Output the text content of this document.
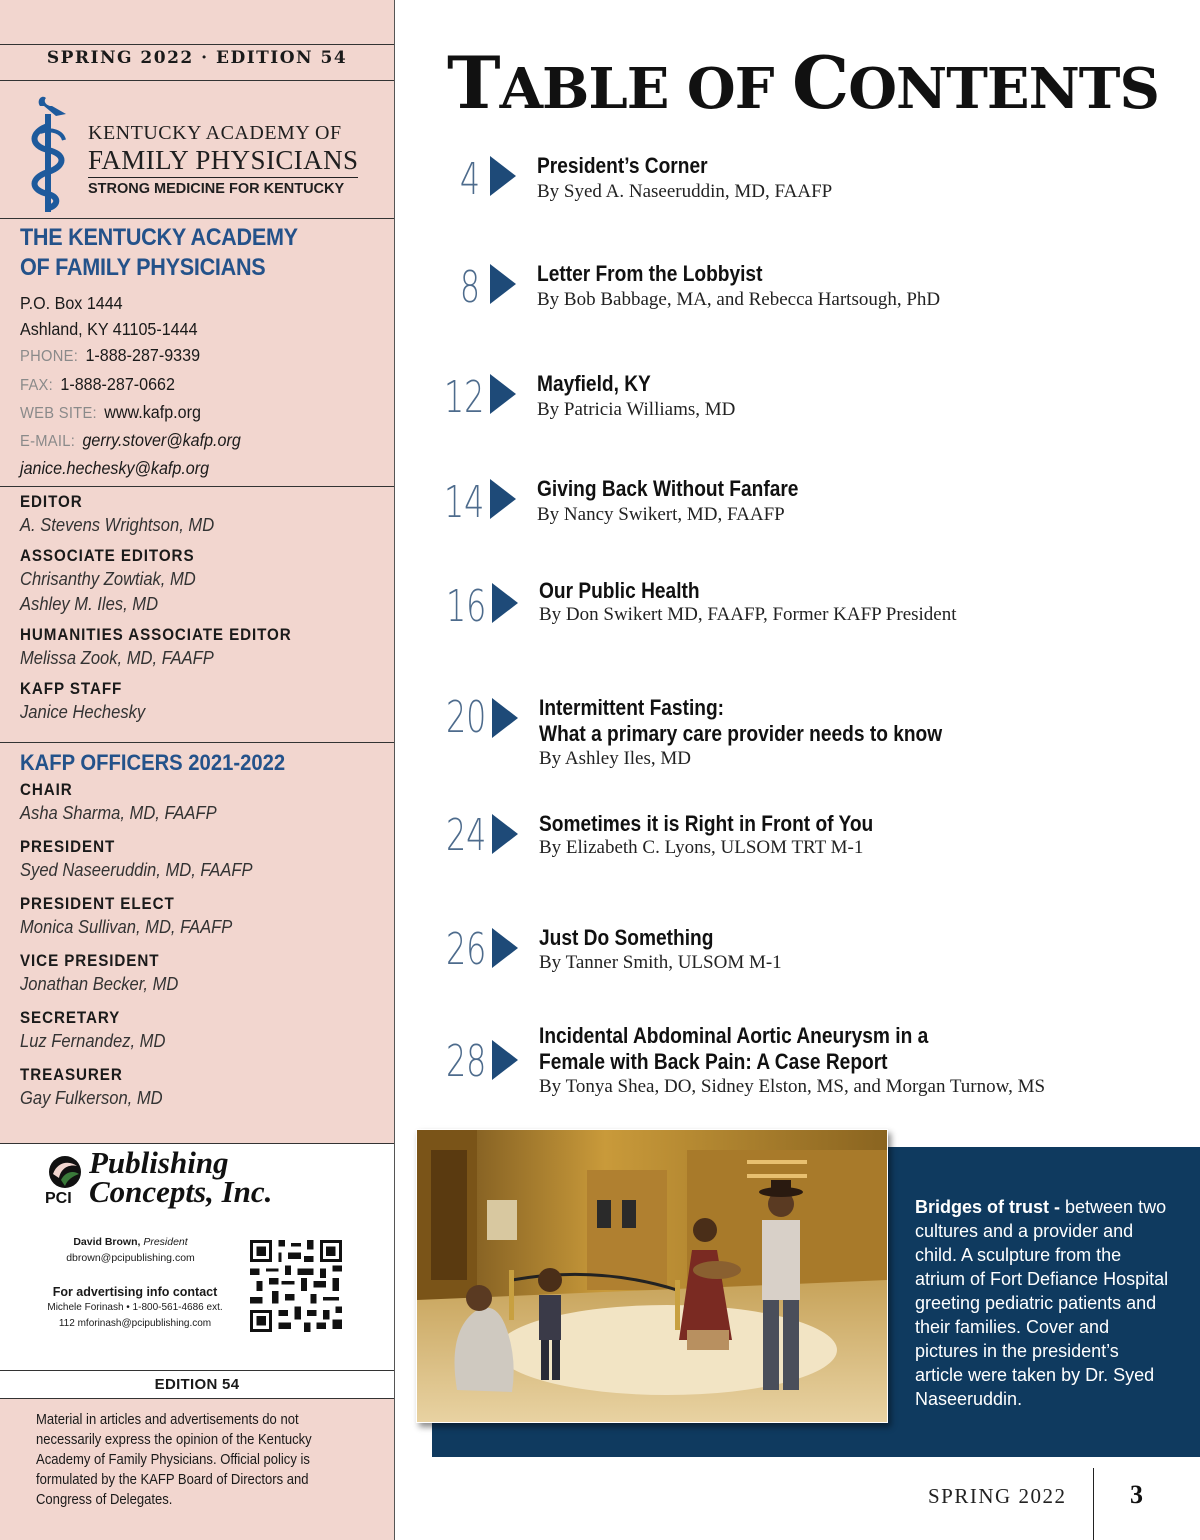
SPRING 2022 · EDITION 54
KENTUCKY ACADEMY OF
FAMILY PHYSICIANS
STRONG MEDICINE FOR KENTUCKY
THE KENTUCKY ACADEMY
OF FAMILY PHYSICIANS
P.O. Box 1444
Ashland, KY 41105-1444
PHONE: 1-888-287-9339
FAX: 1-888-287-0662
WEB SITE: www.kafp.org
E-MAIL: gerry.stover@kafp.org
janice.hechesky@kafp.org
EDITOR
A. Stevens Wrightson, MD
ASSOCIATE EDITORS
Chrisanthy Zowtiak, MD
Ashley M. Iles, MD
HUMANITIES ASSOCIATE EDITOR
Melissa Zook, MD, FAAFP
KAFP STAFF
Janice Hechesky
KAFP OFFICERS 2021-2022
CHAIR
Asha Sharma, MD, FAAFP
PRESIDENT
Syed Naseeruddin, MD, FAAFP
PRESIDENT ELECT
Monica Sullivan, MD, FAAFP
VICE PRESIDENT
Jonathan Becker, MD
SECRETARY
Luz Fernandez, MD
TREASURER
Gay Fulkerson, MD
PCI
Publishing
Concepts, Inc.
David Brown, President
dbrown@pcipublishing.com
For advertising info contact
Michele Forinash • 1-800-561-4686 ext.
112 mforinash@pcipublishing.com
EDITION 54
Material in articles and advertisements do not necessarily express the opinion of the Kentucky Academy of Family Physicians. Official policy is formulated by the KAFP Board of Directors and Congress of Delegates.
TABLE OF CONTENTS
4	President’s Corner
By Syed A. Naseeruddin, MD, FAAFP
8	Letter From the Lobbyist
By Bob Babbage, MA, and Rebecca Hartsough, PhD
12 Mayfield, KY
By Patricia Williams, MD
14 Giving Back Without Fanfare
By Nancy Swikert, MD, FAAFP
16 Our Public Health
By Don Swikert MD, FAAFP, Former KAFP President
20 Intermittent Fasting:
What a primary care provider needs to know
By Ashley Iles, MD
24 Sometimes it is Right in Front of You
By Elizabeth C. Lyons, ULSOM TRT M-1
26 Just Do Something
By Tanner Smith, ULSOM M-1
28
Incidental Abdominal Aortic Aneurysm in a
Female with Back Pain: A Case Report
By Tonya Shea, DO, Sidney Elston, MS, and Morgan Turnow, MS
Bridges of trust - between two cultures and a provider and child. A sculpture from the atrium of Fort Defiance Hospital greeting pediatric patients and their families. Cover and pictures in the president’s article were taken by Dr. Syed Naseeruddin.
SPRING 2022 3
